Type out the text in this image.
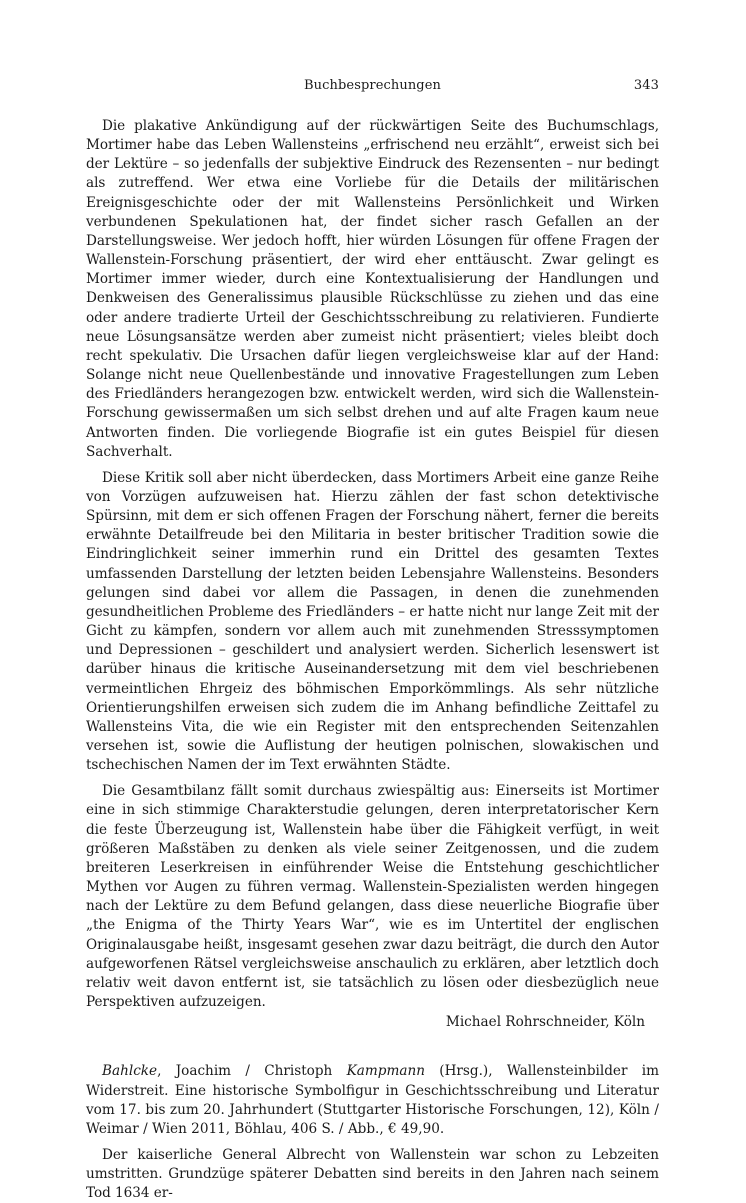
Buchbesprechungen	343

Die plakative Ankündigung auf der rückwärtigen Seite des Buchumschlags, Mortimer habe das Leben Wallensteins „erfrischend neu erzählt“, erweist sich bei der Lektüre – so jedenfalls der subjektive Eindruck des Rezensenten – nur bedingt als zutreffend. Wer etwa eine Vorliebe für die Details der militärischen Ereignisgeschichte oder der mit Wallensteins Persönlichkeit und Wirken verbundenen Spekulationen hat, der findet sicher rasch Gefallen an der Darstellungsweise. Wer jedoch hofft, hier würden Lösungen für offene Fragen der Wallenstein-Forschung präsentiert, der wird eher enttäuscht. Zwar gelingt es Mortimer immer wieder, durch eine Kontextualisierung der Handlungen und Denkweisen des Generalissimus plausible Rückschlüsse zu ziehen und das eine oder andere tradierte Urteil der Geschichtsschreibung zu relativieren. Fundierte neue Lösungsansätze werden aber zumeist nicht präsentiert; vieles bleibt doch recht spekulativ. Die Ursachen dafür liegen vergleichsweise klar auf der Hand: Solange nicht neue Quellenbestände und innovative Fragestellungen zum Leben des Friedländers herangezogen bzw. entwickelt werden, wird sich die Wallenstein-Forschung gewissermaßen um sich selbst drehen und auf alte Fragen kaum neue Antworten finden. Die vorliegende Biografie ist ein gutes Beispiel für diesen Sachverhalt.

Diese Kritik soll aber nicht überdecken, dass Mortimers Arbeit eine ganze Reihe von Vorzügen aufzuweisen hat. Hierzu zählen der fast schon detektivische Spürsinn, mit dem er sich offenen Fragen der Forschung nähert, ferner die bereits erwähnte Detailfreude bei den Militaria in bester britischer Tradition sowie die Eindringlichkeit seiner immerhin rund ein Drittel des gesamten Textes umfassenden Darstellung der letzten beiden Lebensjahre Wallensteins. Besonders gelungen sind dabei vor allem die Passagen, in denen die zunehmenden gesundheitlichen Probleme des Friedländers – er hatte nicht nur lange Zeit mit der Gicht zu kämpfen, sondern vor allem auch mit zunehmenden Stresssymptomen und Depressionen – geschildert und analysiert werden. Sicherlich lesenswert ist darüber hinaus die kritische Auseinandersetzung mit dem viel beschriebenen vermeintlichen Ehrgeiz des böhmischen Emporkömmlings. Als sehr nützliche Orientierungshilfen erweisen sich zudem die im Anhang befindliche Zeittafel zu Wallensteins Vita, die wie ein Register mit den entsprechenden Seitenzahlen versehen ist, sowie die Auflistung der heutigen polnischen, slowakischen und tschechischen Namen der im Text erwähnten Städte.

Die Gesamtbilanz fällt somit durchaus zwiespältig aus: Einerseits ist Mortimer eine in sich stimmige Charakterstudie gelungen, deren interpretatorischer Kern die feste Überzeugung ist, Wallenstein habe über die Fähigkeit verfügt, in weit größeren Maßstäben zu denken als viele seiner Zeitgenossen, und die zudem breiteren Leserkreisen in einführender Weise die Entstehung geschichtlicher Mythen vor Augen zu führen vermag. Wallenstein-Spezialisten werden hingegen nach der Lektüre zu dem Befund gelangen, dass diese neuerliche Biografie über „the Enigma of the Thirty Years War“, wie es im Untertitel der englischen Originalausgabe heißt, insgesamt gesehen zwar dazu beiträgt, die durch den Autor aufgeworfenen Rätsel vergleichsweise anschaulich zu erklären, aber letztlich doch relativ weit davon entfernt ist, sie tatsächlich zu lösen oder diesbezüglich neue Perspektiven aufzuzeigen.

Michael Rohrschneider, Köln

Bahlcke, Joachim / Christoph Kampmann (Hrsg.), Wallensteinbilder im Widerstreit. Eine historische Symbolfigur in Geschichtsschreibung und Literatur vom 17. bis zum 20. Jahrhundert (Stuttgarter Historische Forschungen, 12), Köln / Weimar / Wien 2011, Böhlau, 406 S. / Abb., € 49,90.

Der kaiserliche General Albrecht von Wallenstein war schon zu Lebzeiten umstritten. Grundzüge späterer Debatten sind bereits in den Jahren nach seinem Tod 1634 er-
